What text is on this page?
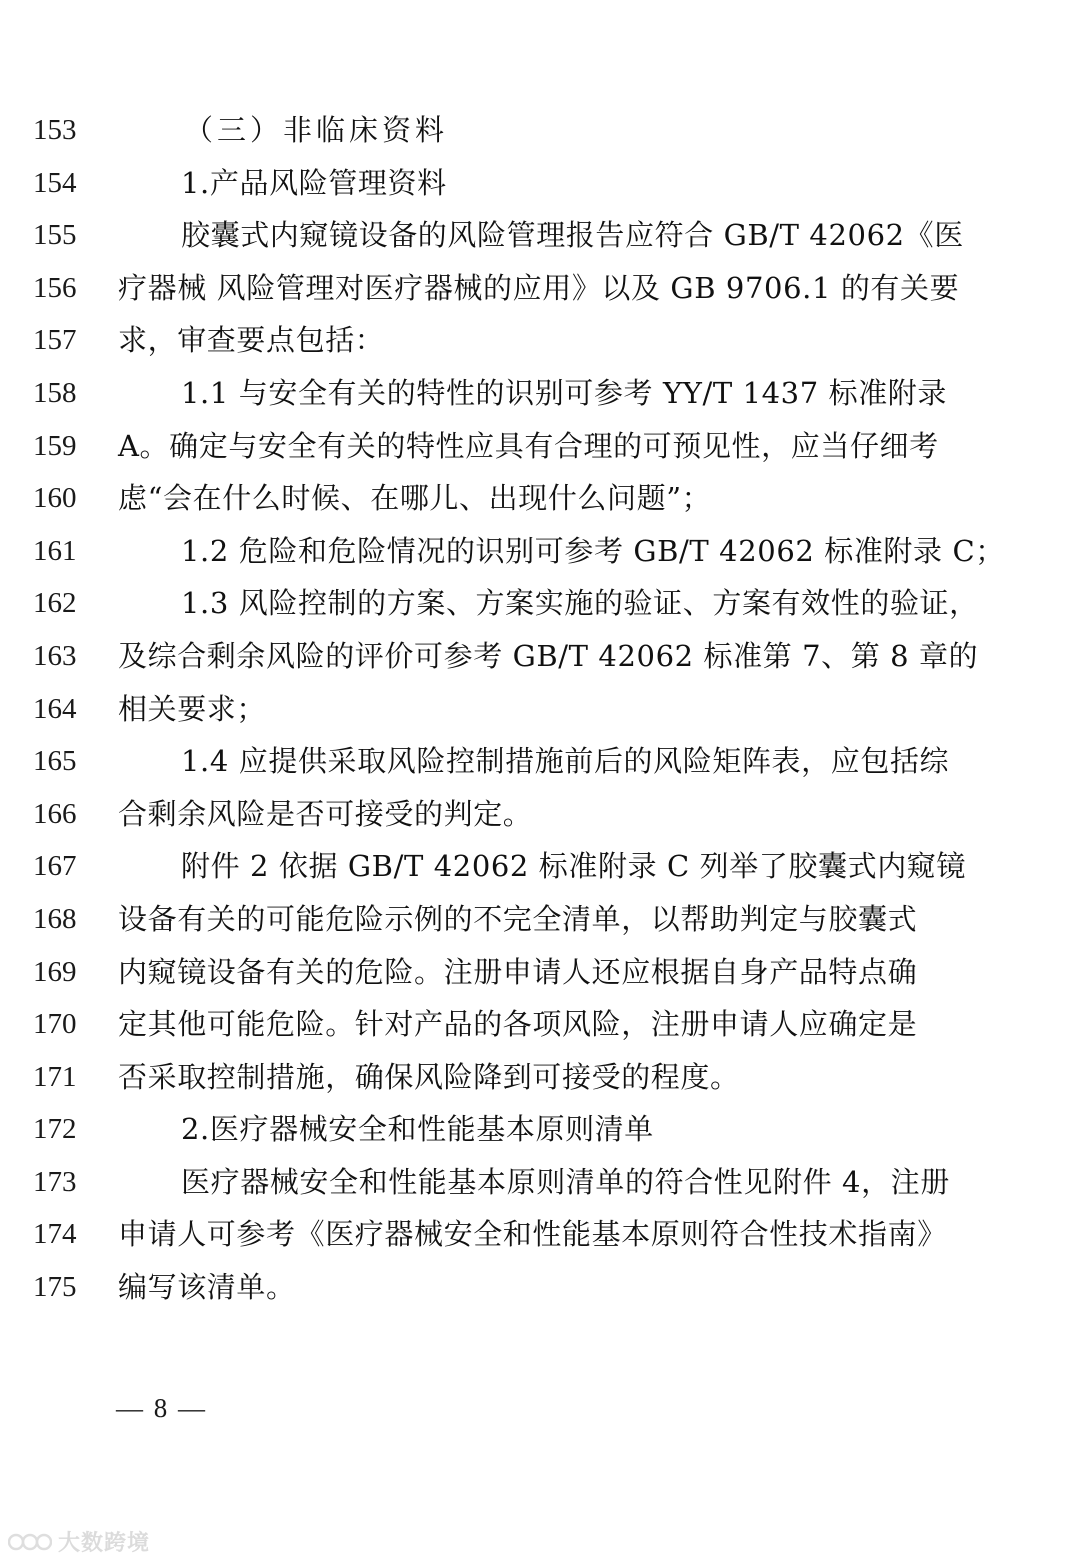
153	（三）非临床资料
154	1.产品风险管理资料
155	胶囊式内窥镜设备的风险管理报告应符合 GB/T 42062《医
156	疗器械 风险管理对医疗器械的应用》以及 GB 9706.1 的有关要
157	求，审查要点包括：
158	1.1 与安全有关的特性的识别可参考 YY/T 1437 标准附录
159	A。确定与安全有关的特性应具有合理的可预见性，应当仔细考
160	虑“会在什么时候、在哪儿、出现什么问题”；
161	1.2 危险和危险情况的识别可参考 GB/T 42062 标准附录 C；
162	1.3 风险控制的方案、方案实施的验证、方案有效性的验证，
163	及综合剩余风险的评价可参考 GB/T 42062 标准第 7、第 8 章的
164	相关要求；
165	1.4 应提供采取风险控制措施前后的风险矩阵表，应包括综
166	合剩余风险是否可接受的判定。
167	附件 2 依据 GB/T 42062 标准附录 C 列举了胶囊式内窥镜
168	设备有关的可能危险示例的不完全清单，以帮助判定与胶囊式
169	内窥镜设备有关的危险。注册申请人还应根据自身产品特点确
170	定其他可能危险。针对产品的各项风险，注册申请人应确定是
171	否采取控制措施，确保风险降到可接受的程度。
172	2.医疗器械安全和性能基本原则清单
173	医疗器械安全和性能基本原则清单的符合性见附件 4，注册
174	申请人可参考《医疗器械安全和性能基本原则符合性技术指南》
175	编写该清单。
— 8 —
大数跨境
